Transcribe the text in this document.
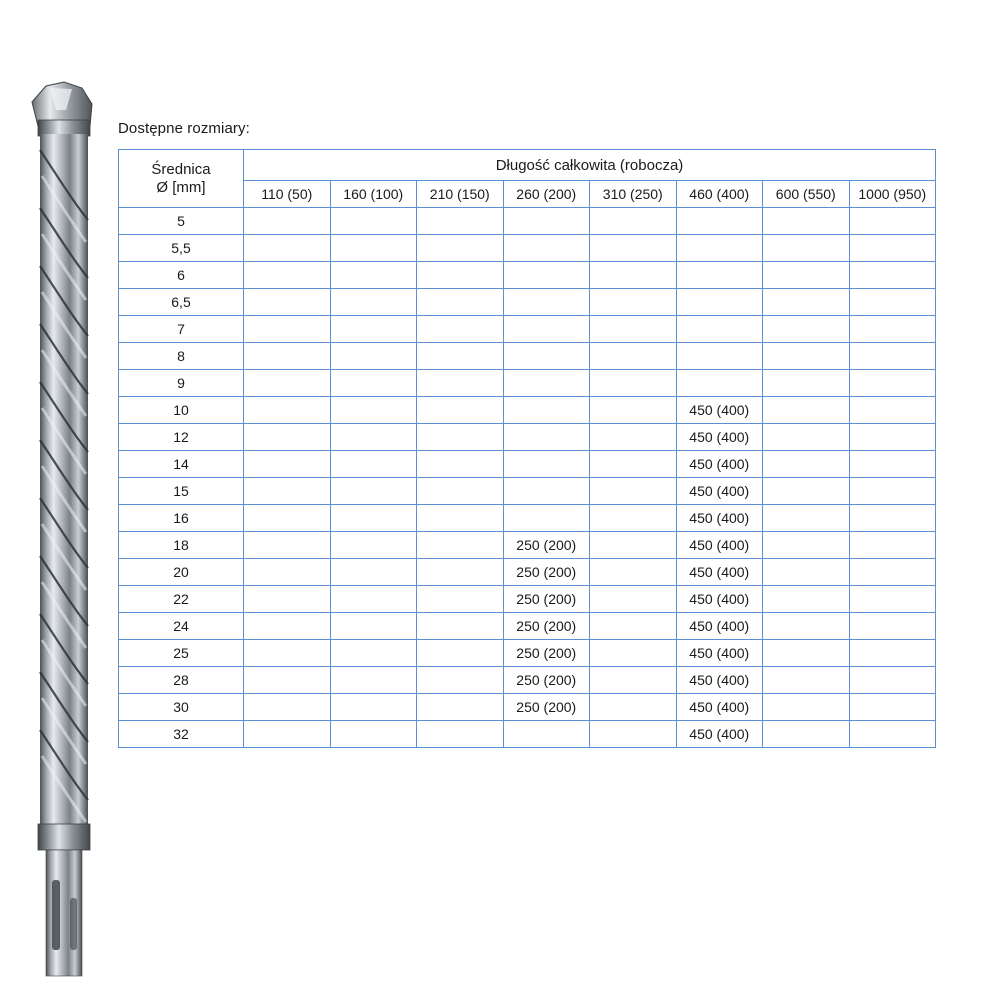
Dostępne rozmiary:
Średnica
Ø [mm]	Długość całkowita (robocza)							
	110 (50)	160 (100)	210 (150)	260 (200)	310 (250)	460 (400)	600 (550)	1000 (950)
5								
5,5								
6								
6,5								
7								
8								
9								
10						450 (400)		
12						450 (400)		
14						450 (400)		
15						450 (400)		
16						450 (400)		
18				250 (200)		450 (400)		
20				250 (200)		450 (400)		
22				250 (200)		450 (400)		
24				250 (200)		450 (400)		
25				250 (200)		450 (400)		
28				250 (200)		450 (400)		
30				250 (200)		450 (400)		
32						450 (400)		
